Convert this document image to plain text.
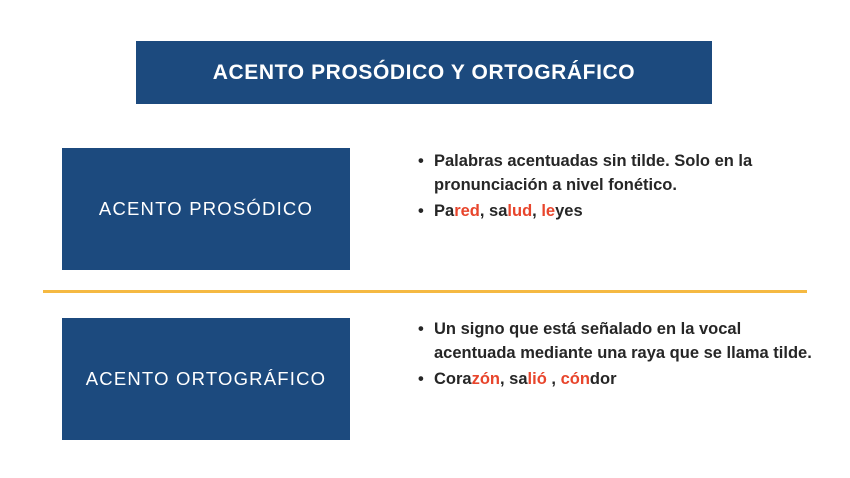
ACENTO PROSÓDICO Y ORTOGRÁFICO
ACENTO PROSÓDICO
• Palabras acentuadas sin tilde. Solo en la pronunciación a nivel fonético.
• Pared, salud, leyes
ACENTO ORTOGRÁFICO
• Un signo que está señalado en la vocal acentuada mediante una raya que se llama tilde.
• Corazón, salió , cóndor
